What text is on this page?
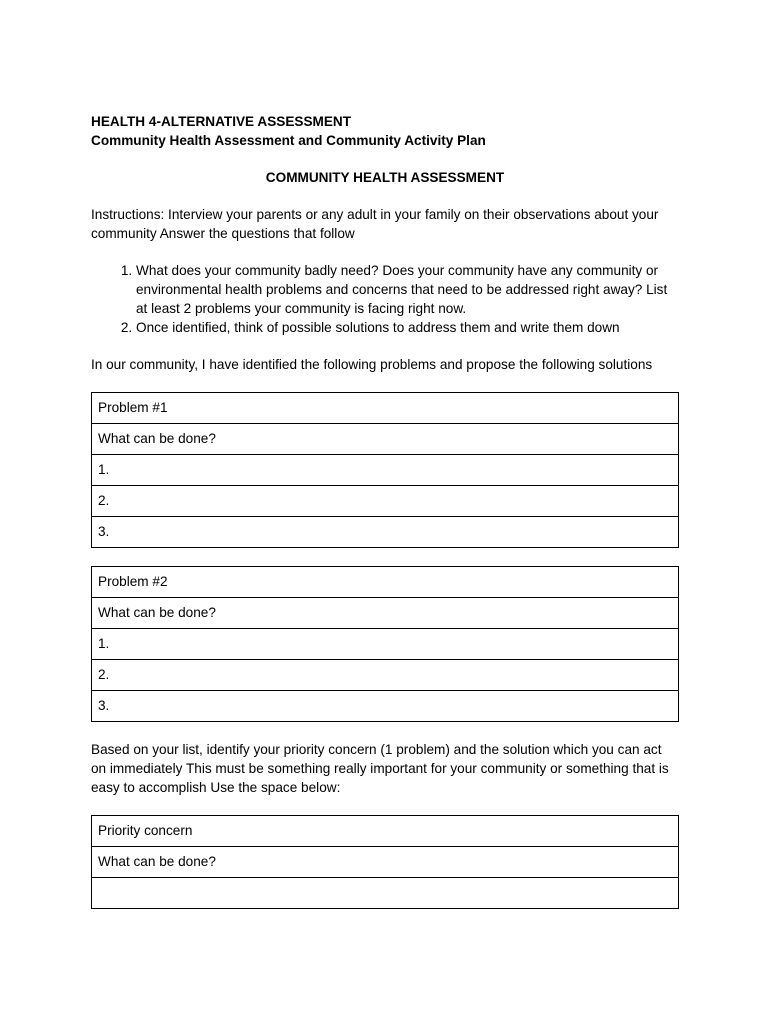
HEALTH 4-ALTERNATIVE ASSESSMENT

Community Health Assessment and Community Activity Plan

COMMUNITY HEALTH ASSESSMENT

Instructions: Interview your parents or any adult in your family on their observations about your community Answer the questions that follow

1. What does your community badly need? Does your community have any community or environmental health problems and concerns that need to be addressed right away? List at least 2 problems your community is facing right now.
2. Once identified, think of possible solutions to address them and write them down

In our community, I have identified the following problems and propose the following solutions

Problem #1
What can be done?
1.
2.
3.
Problem #2
What can be done?
1.
2.
3.

Based on your list, identify your priority concern (1 problem) and the solution which you can act on immediately This must be something really important for your community or something that is easy to accomplish Use the space below:

Priority concern
What can be done?
